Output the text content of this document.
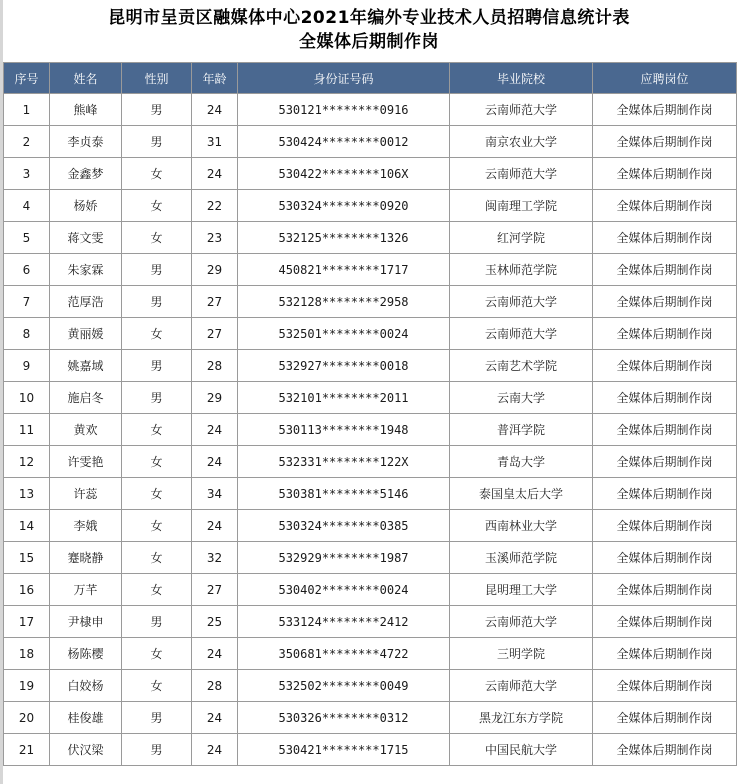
昆明市呈贡区融媒体中心2021年编外专业技术人员招聘信息统计表
全媒体后期制作岗
序号	姓名	性别	年龄	身份证号码	毕业院校	应聘岗位
1	熊峰	男	24	530121********0916	云南师范大学	全媒体后期制作岗
2	李贞泰	男	31	530424********0012	南京农业大学	全媒体后期制作岗
3	金鑫梦	女	24	530422********106X	云南师范大学	全媒体后期制作岗
4	杨娇	女	22	530324********0920	闽南理工学院	全媒体后期制作岗
5	蒋文雯	女	23	532125********1326	红河学院	全媒体后期制作岗
6	朱家霖	男	29	450821********1717	玉林师范学院	全媒体后期制作岗
7	范厚浩	男	27	532128********2958	云南师范大学	全媒体后期制作岗
8	黄丽媛	女	27	532501********0024	云南师范大学	全媒体后期制作岗
9	姚嘉域	男	28	532927********0018	云南艺术学院	全媒体后期制作岗
10	施启冬	男	29	532101********2011	云南大学	全媒体后期制作岗
11	黄欢	女	24	530113********1948	普洱学院	全媒体后期制作岗
12	许雯艳	女	24	532331********122X	青岛大学	全媒体后期制作岗
13	许蕊	女	34	530381********5146	泰国皇太后大学	全媒体后期制作岗
14	李娥	女	24	530324********0385	西南林业大学	全媒体后期制作岗
15	蹇晓静	女	32	532929********1987	玉溪师范学院	全媒体后期制作岗
16	万芊	女	27	530402********0024	昆明理工大学	全媒体后期制作岗
17	尹棣申	男	25	533124********2412	云南师范大学	全媒体后期制作岗
18	杨陈樱	女	24	350681********4722	三明学院	全媒体后期制作岗
19	白姣杨	女	28	532502********0049	云南师范大学	全媒体后期制作岗
20	桂俊雄	男	24	530326********0312	黑龙江东方学院	全媒体后期制作岗
21	伏汉梁	男	24	530421********1715	中国民航大学	全媒体后期制作岗
